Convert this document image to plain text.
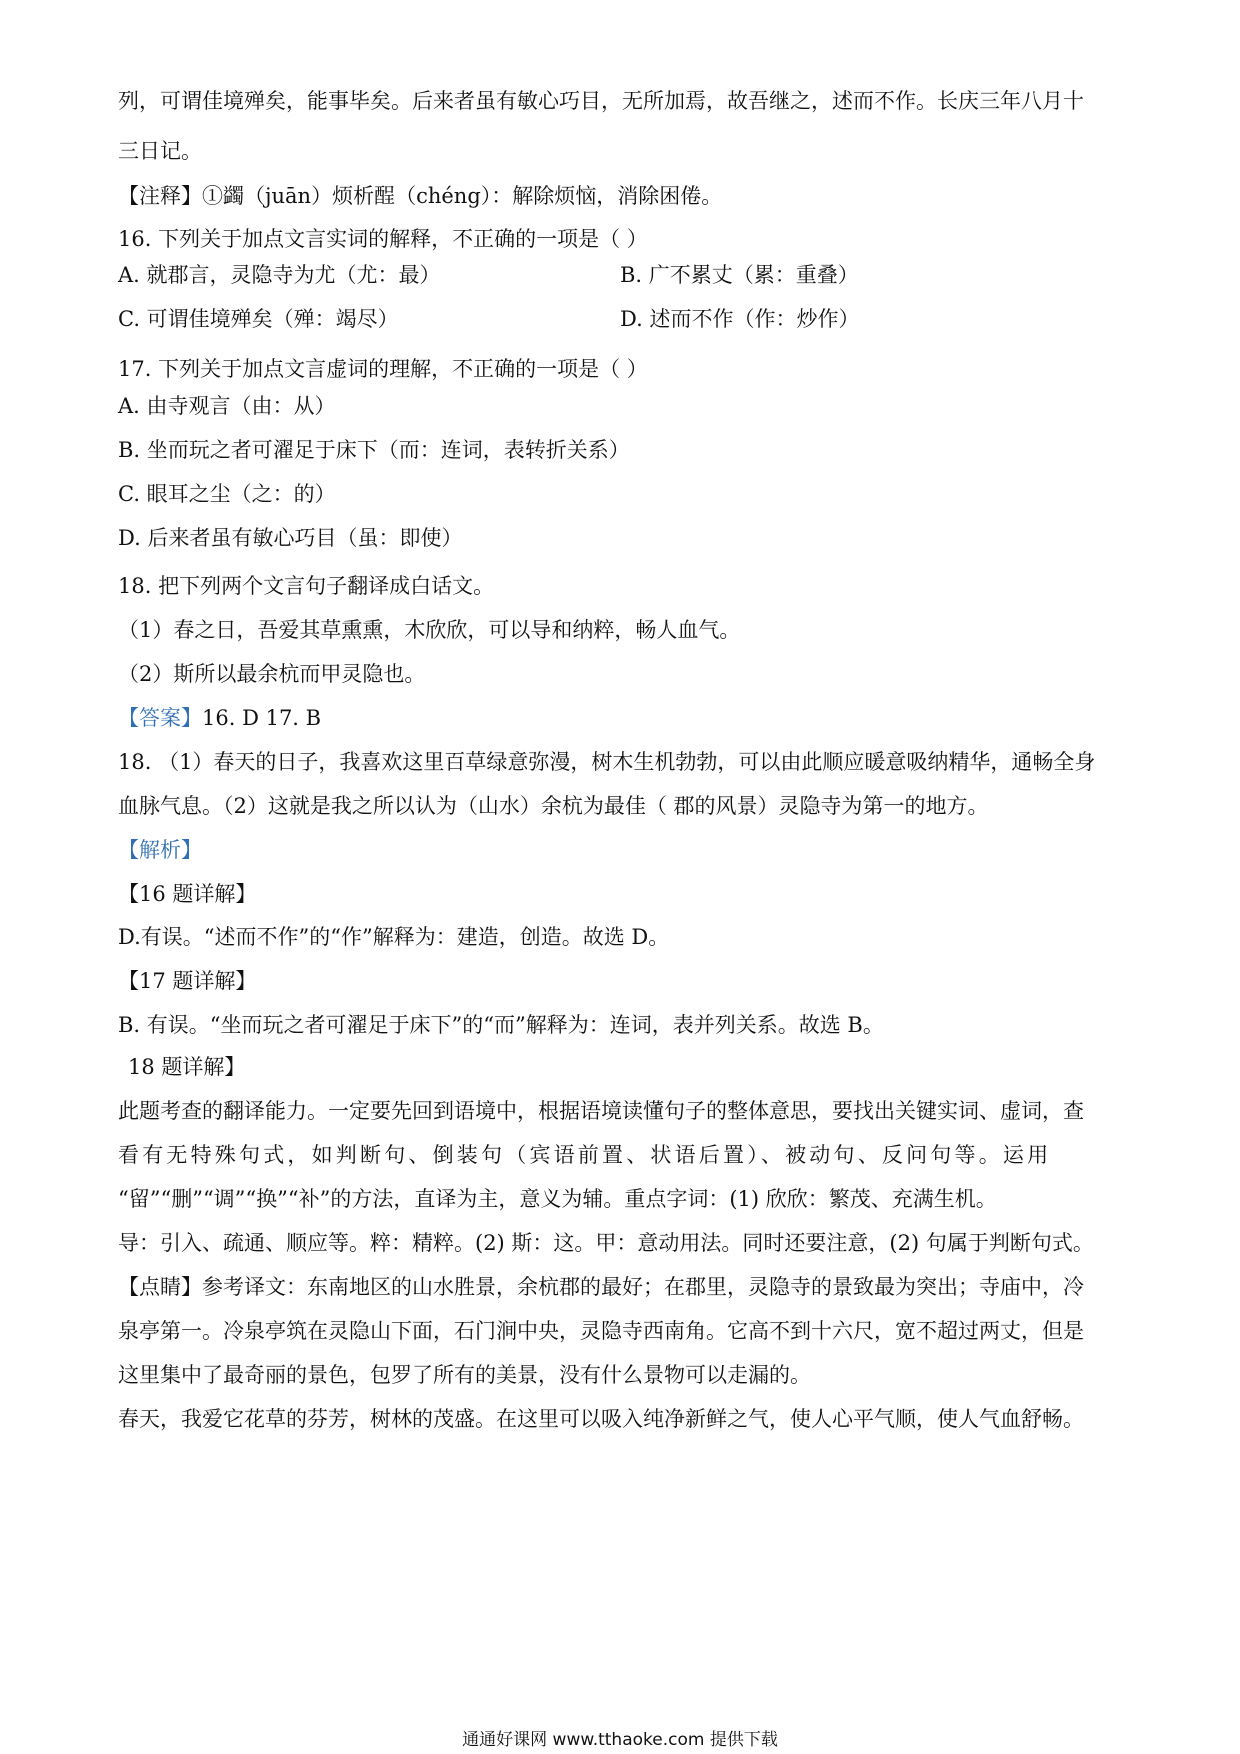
列，可谓佳境殚矣，能事毕矣。后来者虽有敏心巧目，无所加焉，故吾继之，述而不作。长庆三年八月十
三日记。
【注释】①蠲（juān）烦析酲（chéng）：解除烦恼，消除困倦。
16. 下列关于加点文言实词的解释，不正确的一项是（ ）
A. 就郡言，灵隐寺为尤（尤：最）	B. 广不累丈（累：重叠）
C. 可谓佳境殚矣（殚：竭尽）	D. 述而不作（作：炒作）
17. 下列关于加点文言虚词的理解，不正确的一项是（ ）
A. 由寺观言（由：从）
B. 坐而玩之者可濯足于床下（而：连词，表转折关系）
C. 眼耳之尘（之：的）
D. 后来者虽有敏心巧目（虽：即使）
18. 把下列两个文言句子翻译成白话文。
（1）春之日，吾爱其草熏熏，木欣欣，可以导和纳粹，畅人血气。
（2）斯所以最余杭而甲灵隐也。
【答案】16. D 17. B
18. （1）春天的日子，我喜欢这里百草绿意弥漫，树木生机勃勃，可以由此顺应暖意吸纳精华，通畅全身
血脉气息。（2）这就是我之所以认为（山水）余杭为最佳（ 郡的风景）灵隐寺为第一的地方。
【解析】
【16 题详解】
D.有误。“述而不作”的“作”解释为：建造，创造。故选 D。
【17 题详解】
B. 有误。“坐而玩之者可濯足于床下”的“而”解释为：连词，表并列关系。故选 B。
18 题详解】
此题考查的翻译能力。一定要先回到语境中，根据语境读懂句子的整体意思，要找出关键实词、虚词，查
看有无特殊句式，如判断句、倒装句（宾语前置、状语后置）、被动句、反问句等。运用
“留”“删”“调”“换”“补”的方法，直译为主，意义为辅。重点字词：(1) 欣欣：繁茂、充满生机。
导：引入、疏通、顺应等。粹：精粹。(2) 斯：这。甲：意动用法。同时还要注意，(2) 句属于判断句式。
【点睛】参考译文：东南地区的山水胜景，余杭郡的最好；在郡里，灵隐寺的景致最为突出；寺庙中，冷
泉亭第一。冷泉亭筑在灵隐山下面，石门涧中央，灵隐寺西南角。它高不到十六尺，宽不超过两丈，但是
这里集中了最奇丽的景色，包罗了所有的美景，没有什么景物可以走漏的。
春天，我爱它花草的芬芳，树林的茂盛。在这里可以吸入纯净新鲜之气，使人心平气顺，使人气血舒畅。
通通好课网 www.tthaoke.com 提供下载
